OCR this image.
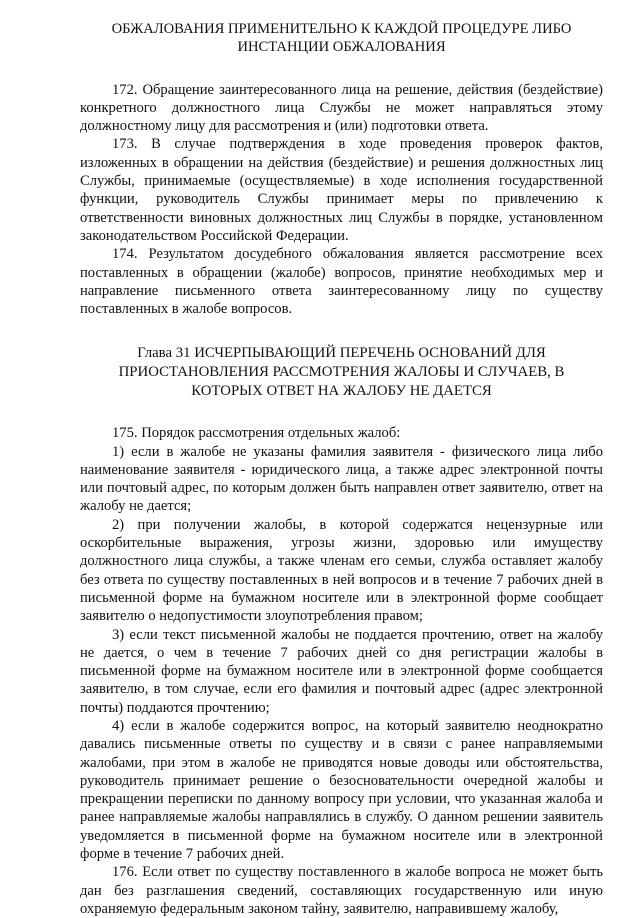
ОБЖАЛОВАНИЯ ПРИМЕНИТЕЛЬНО К КАЖДОЙ ПРОЦЕДУРЕ ЛИБО ИНСТАНЦИИ ОБЖАЛОВАНИЯ

172. Обращение заинтересованного лица на решение, действия (бездействие) конкретного должностного лица Службы не может направляться этому должностному лицу для рассмотрения и (или) подготовки ответа.

173. В случае подтверждения в ходе проведения проверок фактов, изложенных в обращении на действия (бездействие) и решения должностных лиц Службы, принимаемые (осуществляемые) в ходе исполнения государственной функции, руководитель Службы принимает меры по привлечению к ответственности виновных должностных лиц Службы в порядке, установленном законодательством Российской Федерации.

174. Результатом досудебного обжалования является рассмотрение всех поставленных в обращении (жалобе) вопросов, принятие необходимых мер и направление письменного ответа заинтересованному лицу по существу поставленных в жалобе вопросов.

Глава 31 ИСЧЕРПЫВАЮЩИЙ ПЕРЕЧЕНЬ ОСНОВАНИЙ ДЛЯ ПРИОСТАНОВЛЕНИЯ РАССМОТРЕНИЯ ЖАЛОБЫ И СЛУЧАЕВ, В КОТОРЫХ ОТВЕТ НА ЖАЛОБУ НЕ ДАЕТСЯ

175. Порядок рассмотрения отдельных жалоб:

1) если в жалобе не указаны фамилия заявителя - физического лица либо наименование заявителя - юридического лица, а также адрес электронной почты или почтовый адрес, по которым должен быть направлен ответ заявителю, ответ на жалобу не дается;

2) при получении жалобы, в которой содержатся нецензурные или оскорбительные выражения, угрозы жизни, здоровью или имуществу должностного лица службы, а также членам его семьи, служба оставляет жалобу без ответа по существу поставленных в ней вопросов и в течение 7 рабочих дней в письменной форме на бумажном носителе или в электронной форме сообщает заявителю о недопустимости злоупотребления правом;

3) если текст письменной жалобы не поддается прочтению, ответ на жалобу не дается, о чем в течение 7 рабочих дней со дня регистрации жалобы в письменной форме на бумажном носителе или в электронной форме сообщается заявителю, в том случае, если его фамилия и почтовый адрес (адрес электронной почты) поддаются прочтению;

4) если в жалобе содержится вопрос, на который заявителю неоднократно давались письменные ответы по существу и в связи с ранее направляемыми жалобами, при этом в жалобе не приводятся новые доводы или обстоятельства, руководитель принимает решение о безосновательности очередной жалобы и прекращении переписки по данному вопросу при условии, что указанная жалоба и ранее направляемые жалобы направлялись в службу. О данном решении заявитель уведомляется в письменной форме на бумажном носителе или в электронной форме в течение 7 рабочих дней.

176. Если ответ по существу поставленного в жалобе вопроса не может быть дан без разглашения сведений, составляющих государственную или иную охраняемую федеральным законом тайну, заявителю, направившему жалобу,
